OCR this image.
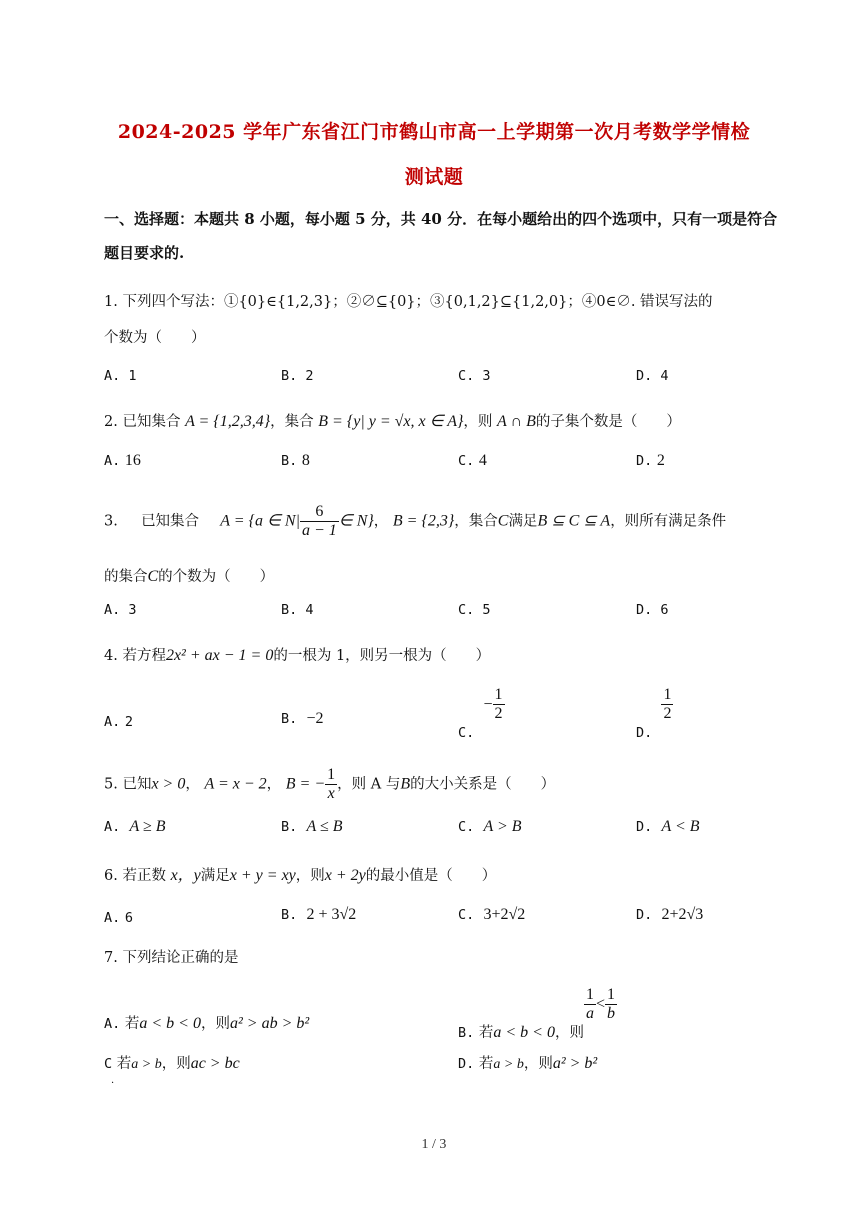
2024-2025 学年广东省江门市鹤山市高一上学期第一次月考数学学情检
测试题
一、选择题：本题共 8 小题，每小题 5 分，共 40 分．在每小题给出的四个选项中，只有一项是符合题目要求的.
1. 下列四个写法：①{0}∈{1,2,3}；②∅⊆{0}；③{0,1,2}⊆{1,2,0}；④0∈∅. 错误写法的
个数为（　　）
A. 1	B. 2	C. 3	D. 4
2. 已知集合 A = {1,2,3,4}，集合 B = {y| y = √x, x ∈ A}，则 A ∩ B的子集个数是（　　）
A. 16	B. 8	C. 4	D. 2
3. 已知集合 A = {a ∈ $N| \frac{6}{a - 1}$ ∈ N}， B = {2,3}，集合C满足B ⊆ C ⊆ A，则所有满足条件
的集合C的个数为（　　）
A. 3	B. 4	C. 5	D. 6
4. 若方程2x² + ax − 1 = 0的一根为 1，则另一根为（　　）
A. 2	B. −2
C.  − $\frac{1}{2}$
D.
$\frac{1}{2}$
5. 已知x > 0， A = x − 2， B = − $\frac{1}{x}$ ，则 A 与B的大小关系是（　　）
A. A ≥ B	B. A ≤ B	C. A > B	D. A < B
6. 若正数 x，y满足x + y = xy，则x + 2y的最小值是（　　）
A. 6	B. 2 + 3√2	C. 3+2√2	D. 2+2√3
7. 下列结论正确的是
A. 若a < b < 0，则a² > ab > b²
B. 若a < b < 0，则
$\frac{1}{a} < \frac{1}{b}$
C 若a > b，则ac > bc	D. 若a > b，则a² > b²
·
1 / 3
